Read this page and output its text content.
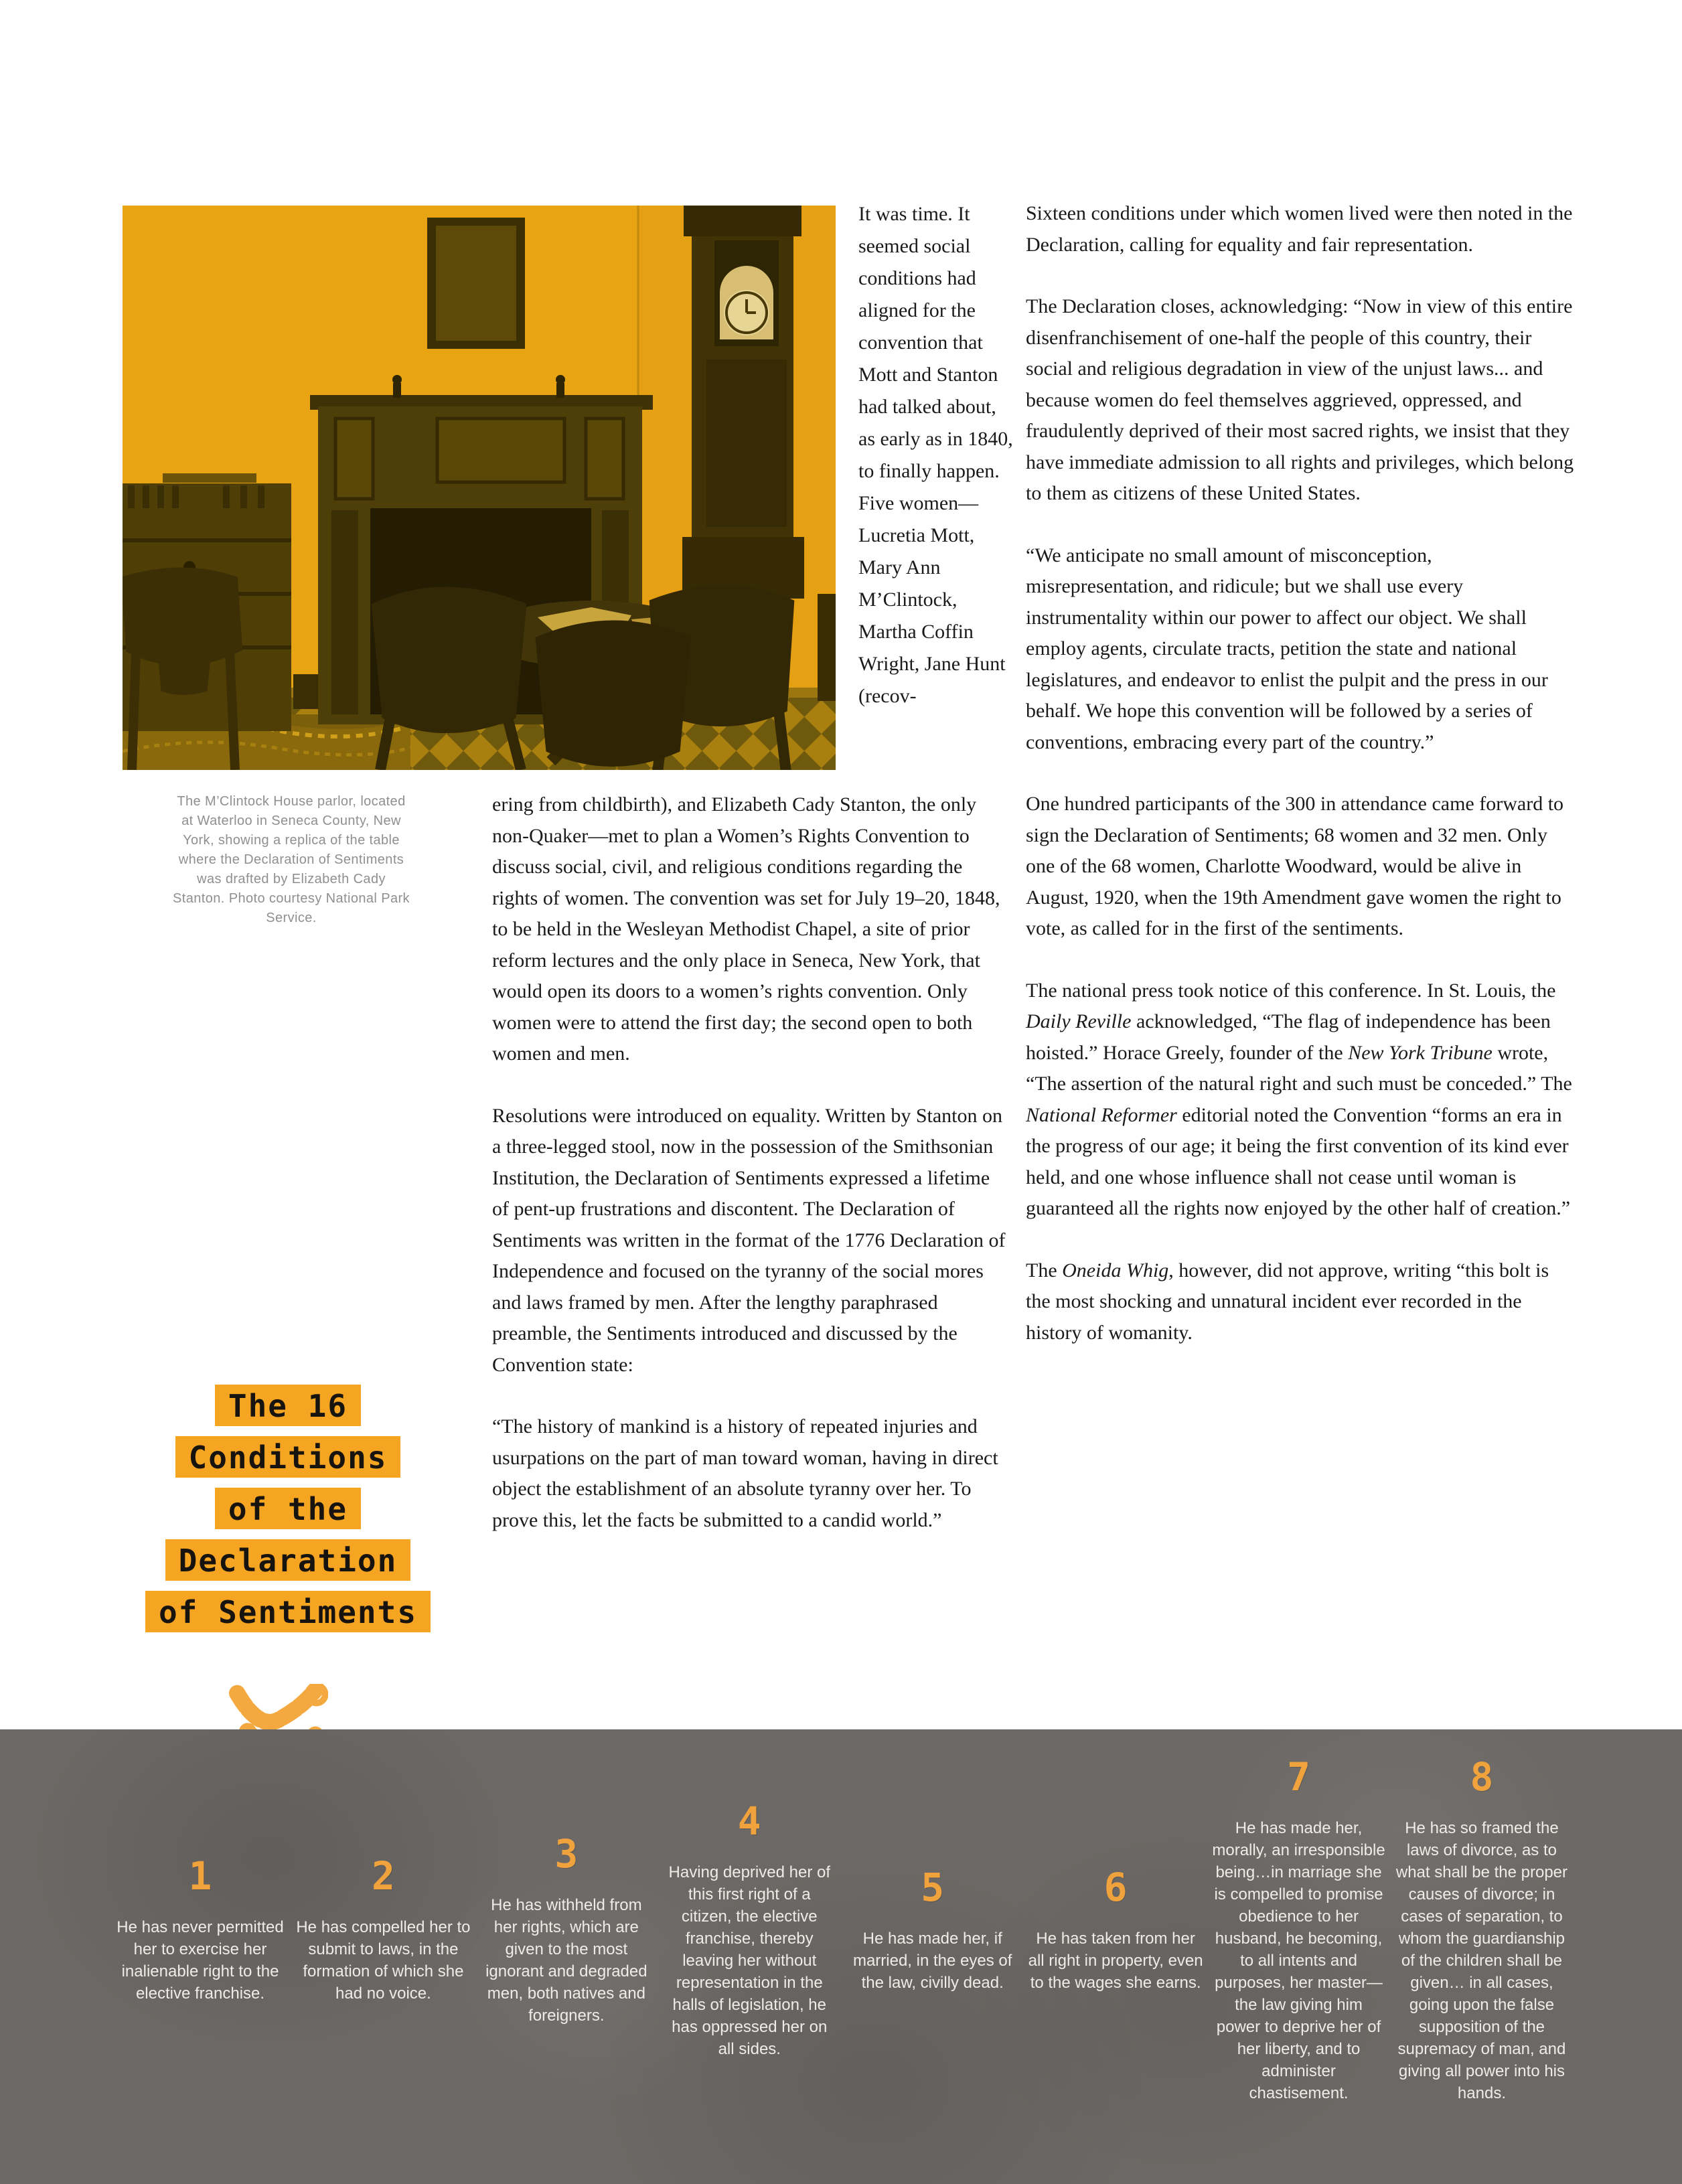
The M’Clintock House parlor, located at Waterloo in Seneca County, New York, showing a replica of the table where the Declaration of Sentiments was drafted by Elizabeth Cady Stanton. Photo courtesy National Park Service.

It was time. It seemed social conditions had aligned for the convention that Mott and Stanton had talked about, as early as in 1840, to finally happen. Five women— Lucretia Mott, Mary Ann M’Clintock, Martha Coffin Wright, Jane Hunt (recov-

ering from childbirth), and Elizabeth Cady Stanton, the only non-Quaker—met to plan a Women’s Rights Convention to discuss social, civil, and religious conditions regarding the rights of women. The convention was set for July 19–20, 1848, to be held in the Wesleyan Methodist Chapel, a site of prior reform lectures and the only place in Seneca, New York, that would open its doors to a women’s rights convention. Only women were to attend the first day; the second open to both women and men.

Resolutions were introduced on equality. Written by Stanton on a three-legged stool, now in the possession of the Smithsonian Institution, the Declaration of Sentiments expressed a lifetime of pent-up frustrations and discontent. The Declaration of Sentiments was written in the format of the 1776 Declaration of Independence and focused on the tyranny of the social mores and laws framed by men. After the lengthy paraphrased preamble, the Sentiments introduced and discussed by the Convention state:

“The history of mankind is a history of repeated injuries and usurpations on the part of man toward woman, having in direct object the establishment of an absolute tyranny over her. To prove this, let the facts be submitted to a candid world.”

Sixteen conditions under which women lived were then noted in the Declaration, calling for equality and fair representation.

The Declaration closes, acknowledging: “Now in view of this entire disenfranchisement of one-half the people of this country, their social and religious degradation in view of the unjust laws... and because women do feel themselves aggrieved, oppressed, and fraudulently deprived of their most sacred rights, we insist that they have immediate admission to all rights and privileges, which belong to them as citizens of these United States.

“We anticipate no small amount of misconception, misrepresentation, and ridicule; but we shall use every instrumentality within our power to affect our object. We shall employ agents, circulate tracts, petition the state and national legislatures, and endeavor to enlist the pulpit and the press in our behalf. We hope this convention will be followed by a series of conventions, embracing every part of the country.”

One hundred participants of the 300 in attendance came forward to sign the Declaration of Sentiments; 68 women and 32 men. Only one of the 68 women, Charlotte Woodward, would be alive in August, 1920, when the 19th Amendment gave women the right to vote, as called for in the first of the sentiments.

The national press took notice of this conference. In St. Louis, the Daily Reville acknowledged, “The flag of independence has been hoisted.” Horace Greely, founder of the New York Tribune wrote, “The assertion of the natural right and such must be conceded.” The National Reformer editorial noted the Convention “forms an era in the progress of our age; it being the first convention of its kind ever held, and one whose influence shall not cease until woman is guaranteed all the rights now enjoyed by the other half of creation.”

The Oneida Whig, however, did not approve, writing “this bolt is the most shocking and unnatural incident ever recorded in the history of womanity.

The 16
Conditions
of the
Declaration
of Sentiments
1
He has never permitted her to exercise her inalienable right to the elective franchise.
2
He has compelled her to submit to laws, in the formation of which she had no voice.
3
He has withheld from her rights, which are given to the most ignorant and degraded men, both natives and foreigners.
4
Having deprived her of this first right of a citizen, the elective franchise, thereby leaving her without representation in the halls of legislation, he has oppressed her on all sides.
5
He has made her, if married, in the eyes of the law, civilly dead.
6
He has taken from her all right in property, even to the wages she earns.
7
He has made her, morally, an irresponsible being…in marriage she is compelled to promise obedience to her husband, he becoming, to all intents and purposes, her master—the law giving him power to deprive her of her liberty, and to administer chastisement.
8
He has so framed the laws of divorce, as to what shall be the proper causes of divorce; in cases of separation, to whom the guardianship of the children shall be given… in all cases, going upon the false supposition of the supremacy of man, and giving all power into his hands.
